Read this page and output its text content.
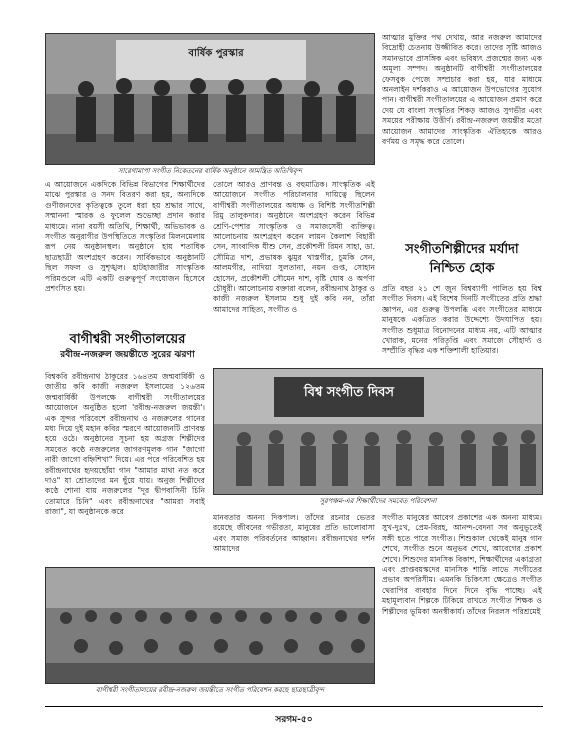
বার্ষিক পুরস্কার
সারেগামাপা সংগীত নিকেতনের বার্ষিক অনুষ্ঠানে আমন্ত্রিত অতিথিবৃন্দ
এ আয়োজনে একদিকে বিভিন্ন বিভাগের শিক্ষার্থীদের মাঝে পুরস্কার ও সনদ বিতরণ করা হয়, অন্যদিকে গুণীজনদের কৃতিত্বকে তুলে ধরা হয় শ্রদ্ধার সাথে, সম্মাননা স্মারক ও ফুলেল শুভেচ্ছা প্রদান করার মাধ্যমে। নানা বয়সী অতিথি, শিক্ষার্থী, অভিভাবক ও সংগীত অনুরাগীর উপস্থিতিতে সংস্কৃতির মিলনমেলায় রূপ নেয় অনুষ্ঠানস্থল। অনুষ্ঠানে হায় শতাধিক ছাত্রছাত্রী অংশগ্রহণ করেন। সার্বিকভাবে অনুষ্ঠানটি ছিল সফল ও সুশৃঙ্খল। হাটহাজারীর সাংস্কৃতিক পরিমণ্ডলে এটি একটি গুরুত্বপূর্ণ সংযোজন হিসেবে প্রশংসিত হয়।
তোলে আরও প্রাণবন্ত ও বহুমাত্রিক। সাংস্কৃতিক এই আয়োজনে সংগীত পরিচালনার দায়িত্বে ছিলেন বাগীশ্বরী সংগীতালয়ের অধ্যক্ষ ও বিশিষ্ট সংগীতশিল্পী রিমু তালুকদার। অনুষ্ঠানে অংশগ্রহণ করেন বিভিন্ন শ্রেণি-পেশার সাংস্কৃতিক ও সমাজসেবী ব্যক্তিত্ব। আলোচনায় অংশগ্রহণ করেন লায়ন কৈলাশ বিহারী সেন, সাংবাদিক যীশু সেন, প্রকৌশলী রিমন সাহা, ডা. সৌমিত্র দাশ, প্রভাষক ঝুমুর খাস্তগীর, চুমকি সেন, আলমগীর, নাদিয়া সুলতানা, নয়ন গুপ্ত, সোহান হোসেন, প্রকৌশলী সৌমেন দাশ, বৃষ্টি ঘোষ ও অর্পণা চৌধুরী। আলোচনায় বক্তারা বলেন, রবীন্দ্রনাথ ঠাকুর ও কাজী নজরুল ইসলাম শুধু দুই কবি নন, তাঁরা আমাদের সাহিত্য, সংগীত ও
আত্মার মুক্তির পথ দেখায়, আর নজরুল আমাদের বিদ্রোহী চেতনায় উজ্জীবিত করে। তাদের সৃষ্টি আজও সমানভাবে প্রাসঙ্গিক এবং ভবিষ্যৎ প্রজন্মের জন্য এক অমূল্য সম্পদ। অনুষ্ঠানটি বাগীশ্বরী সংগীতালয়ের ফেসবুক পেজে সম্প্রচার করা হয়, যার মাধ্যমে অনলাইন দর্শকরাও এ আয়োজন উপভোগের সুযোগ পান। বাগীশ্বরী সংগীতালয়ের এ আয়োজন প্রমাণ করে দেয় যে বাংলা সংস্কৃতির শিকড় আজও সুগভীর এবং সময়ের পরীক্ষায় উত্তীর্ণ। রবীন্দ্র-নজরুল জয়ন্তীর মতো আয়োজন আমাদের সাংস্কৃতিক ঐতিহ্যকে আরও বর্ণময় ও সমৃদ্ধ করে তোলে।
বাগীশ্বরী সংগীতালয়ের
রবীন্দ্র-নজরুল জয়ন্তীতে সুরের ঝরণা
সংগীতশিল্পীদের মর্যাদা
নিশ্চিত হোক
প্রতি বছর ২১ শে জুন বিশ্বব্যাপী পালিত হয় বিশ্ব সংগীত দিবস। এই বিশেষ দিনটি সংগীতের প্রতি শ্রদ্ধা জ্ঞাপন, এর গুরুত্ব উপলব্ধি এবং সংগীতের মাধ্যমে মানুষকে একত্রিত করার উদ্দেশ্যে উদযাপিত হয়। সংগীত শুধুমাত্র বিনোদনের মাধ্যম নয়, এটি আত্মার খোরাক, মনের পরিতৃপ্তি এবং সমাজে সৌহার্দ্য ও সম্প্রীতি বৃদ্ধির এক শক্তিশালী হাতিয়ার।
বিশ্বকবি রবীন্দ্রনাথ ঠাকুরের ১৬৪তম জন্মবার্ষিকী ও জাতীয় কবি কাজী নজরুল ইসলামের ১২৬তম জন্মবার্ষিকী উপলক্ষে বাগীশ্বরী সংগীতালয়ের আয়োজনে অনুষ্ঠিত হলো 'রবীন্দ্র-নজরুল জয়ন্তী'। এক সুন্দর পরিবেশে রবীন্দ্রনাথ ও নজরুলের গানের মধ্য দিয়ে দুই মহান কবির স্মরণে আয়োজনটি প্রাণবন্ত হয়ে ওঠে। অনুষ্ঠানের সূচনা হয় অগ্রজ শিল্পীদের সমবেত কণ্ঠে নজরুলের জাগরণমূলক গান "জাগো নারী জাগো বহ্নিশিখা" দিয়ে। এর পরে পরিবেশিত হয় রবীন্দ্রনাথের হৃদয়ছোঁয়া গান "আমার মাথা নত করে দাও" যা শ্রোতাদের মন ছুঁয়ে যায়। অনুজ শিল্পীদের কণ্ঠে শোনা যায় নজরুলের "দূর দ্বীপবাসিনী চিনি তোমারে চিনি" এবং রবীন্দ্রনাথের "আমরা সবাই রাজা", যা অনুষ্ঠানকে করে
বিশ্ব সংগীত দিবস
সুরপঞ্চম-এর শিক্ষার্থীদের সমবেত পরিবেশনা
মানবতার অনন্য দিকপাল। তাঁদের রচনার ভেতর রয়েছে জীবনের গভীরতা, মানুষের প্রতি ভালোবাসা এবং সমাজ পরিবর্তনের আহ্বান। রবীন্দ্রনাথের দর্শন আমাদের
সংগীত মানুষের আবেগ প্রকাশের এক অনন্য মাধ্যম। সুখ-দুঃখ, প্রেম-বিরহ, আনন্দ-বেদনা সব অনুভূতেই সঙ্গী হতে পারে সংগীত। শিশুকাল থেকেই মানুষ গান শেখে, সংগীত শুনে অনুভব শেখে, আবেগের প্রকাশ শেখে। শিশুদের মানসিক বিকাশ, শিক্ষার্থীদের একাগ্রতা এবং প্রাপ্তবয়স্কদের মানসিক শান্তি লাভে সংগীতের প্রভাব অপরিসীম। এমনকি চিকিৎসা ক্ষেত্রেও সংগীত থেরাপির ব্যবহার দিনে দিনে বৃদ্ধি পাচ্ছে। এই মহামূল্যবান শিল্পকে টিকিয়ে রাখতে সংগীত শিক্ষক ও শিল্পীদের ভূমিকা অনস্বীকার্য। তাঁদের নিরলস পরিশ্রমেই
বাগীশ্বরী সংগীতালয়ের রবীন্দ্র-নজরুল জয়ন্তীতে সংগীত পরিবেশন করছে ছাত্রছাত্রীবৃন্দ
সরগম-৫০
